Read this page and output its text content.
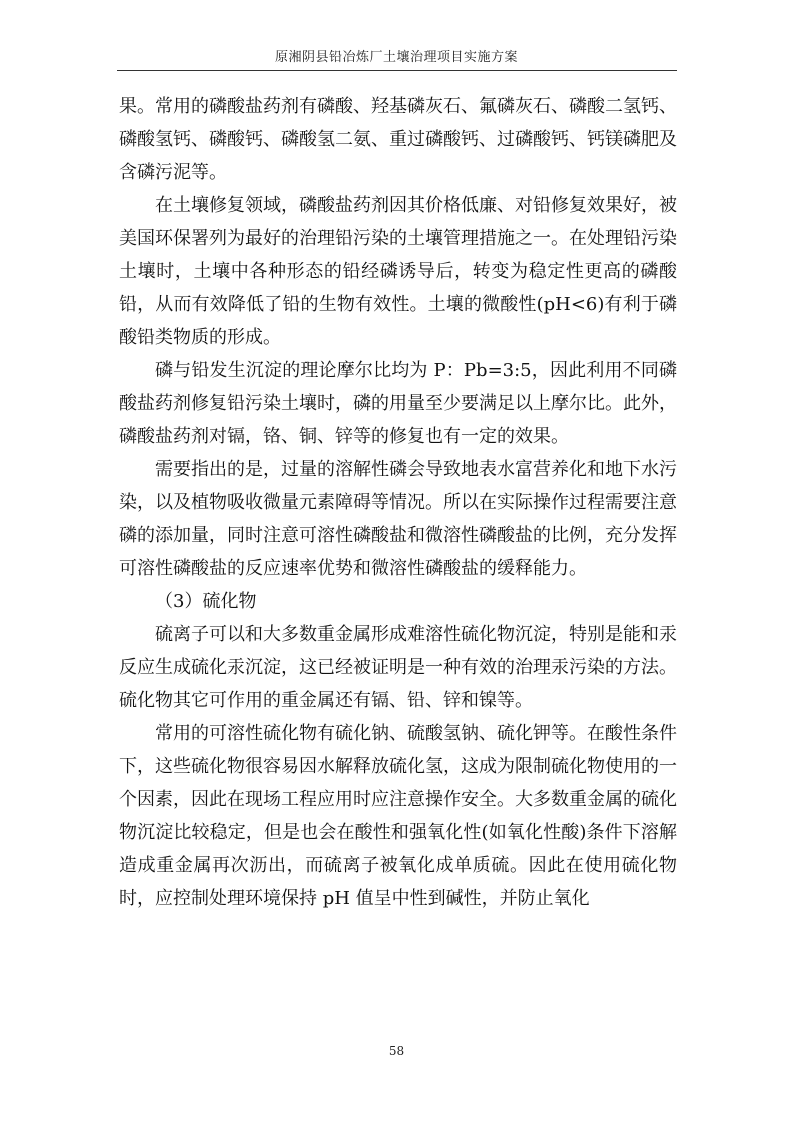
原湘阴县铅冶炼厂土壤治理项目实施方案

果。常用的磷酸盐药剂有磷酸、羟基磷灰石、氟磷灰石、磷酸二氢钙、磷酸氢钙、磷酸钙、磷酸氢二氨、重过磷酸钙、过磷酸钙、钙镁磷肥及含磷污泥等。

在土壤修复领域，磷酸盐药剂因其价格低廉、对铅修复效果好，被美国环保署列为最好的治理铅污染的土壤管理措施之一。在处理铅污染土壤时，土壤中各种形态的铅经磷诱导后，转变为稳定性更高的磷酸铅，从而有效降低了铅的生物有效性。土壤的微酸性(pH<6)有利于磷酸铅类物质的形成。

磷与铅发生沉淀的理论摩尔比均为 P：Pb=3:5，因此利用不同磷酸盐药剂修复铅污染土壤时，磷的用量至少要满足以上摩尔比。此外，磷酸盐药剂对镉，铬、铜、锌等的修复也有一定的效果。

需要指出的是，过量的溶解性磷会导致地表水富营养化和地下水污染，以及植物吸收微量元素障碍等情况。所以在实际操作过程需要注意磷的添加量，同时注意可溶性磷酸盐和微溶性磷酸盐的比例，充分发挥可溶性磷酸盐的反应速率优势和微溶性磷酸盐的缓释能力。

（3）硫化物

硫离子可以和大多数重金属形成难溶性硫化物沉淀，特别是能和汞反应生成硫化汞沉淀，这已经被证明是一种有效的治理汞污染的方法。硫化物其它可作用的重金属还有镉、铅、锌和镍等。

常用的可溶性硫化物有硫化钠、硫酸氢钠、硫化钾等。在酸性条件下，这些硫化物很容易因水解释放硫化氢，这成为限制硫化物使用的一个因素，因此在现场工程应用时应注意操作安全。大多数重金属的硫化物沉淀比较稳定，但是也会在酸性和强氧化性(如氧化性酸)条件下溶解造成重金属再次沥出，而硫离子被氧化成单质硫。因此在使用硫化物时，应控制处理环境保持 pH 值呈中性到碱性，并防止氧化

58
